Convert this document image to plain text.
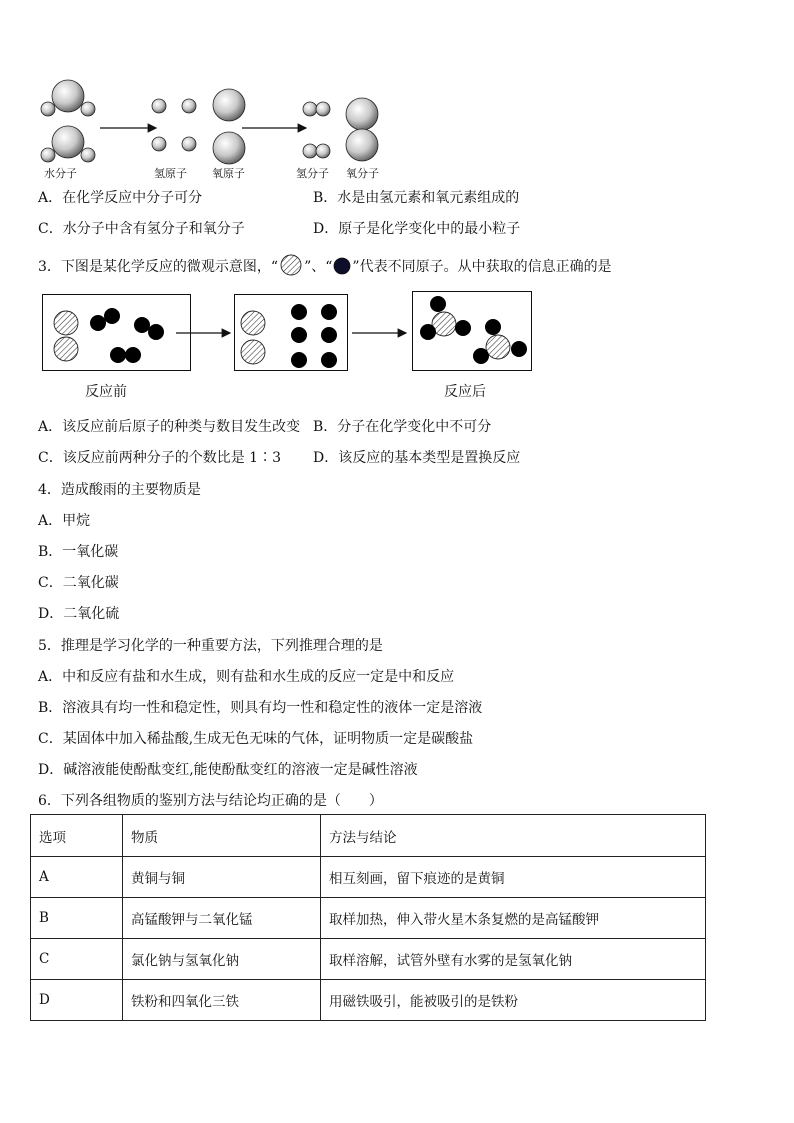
水分子	氢原子 氧原子	氢分子 氧分子
A．在化学反应中分子可分	B．水是由氢元素和氧元素组成的
C．水分子中含有氢分子和氧分子	D．原子是化学变化中的最小粒子
3．下图是某化学反应的微观示意图，“ ”、“ ”代表不同原子。从中获取的信息正确的是
反应前	反应后
A．该反应前后原子的种类与数目发生改变 B．分子在化学变化中不可分
C．该反应前两种分子的个数比是 1∶3 D．该反应的基本类型是置换反应
4．造成酸雨的主要物质是
A．甲烷
B．一氧化碳
C．二氧化碳
D．二氧化硫
5．推理是学习化学的一种重要方法，下列推理合理的是
A．中和反应有盐和水生成，则有盐和水生成的反应一定是中和反应
B．溶液具有均一性和稳定性，则具有均一性和稳定性的液体一定是溶液
C．某固体中加入稀盐酸,生成无色无味的气体，证明物质一定是碳酸盐
D．碱溶液能使酚酞变红,能使酚酞变红的溶液一定是碱性溶液
6．下列各组物质的鉴别方法与结论均正确的是（　　）
选项	物质	方法与结论
A	黄铜与铜	相互刻画，留下痕迹的是黄铜
B	高锰酸钾与二氧化锰	取样加热，伸入带火星木条复燃的是高锰酸钾
C	氯化钠与氢氧化钠	取样溶解，试管外壁有水雾的是氢氧化钠
D	铁粉和四氧化三铁	用磁铁吸引，能被吸引的是铁粉
